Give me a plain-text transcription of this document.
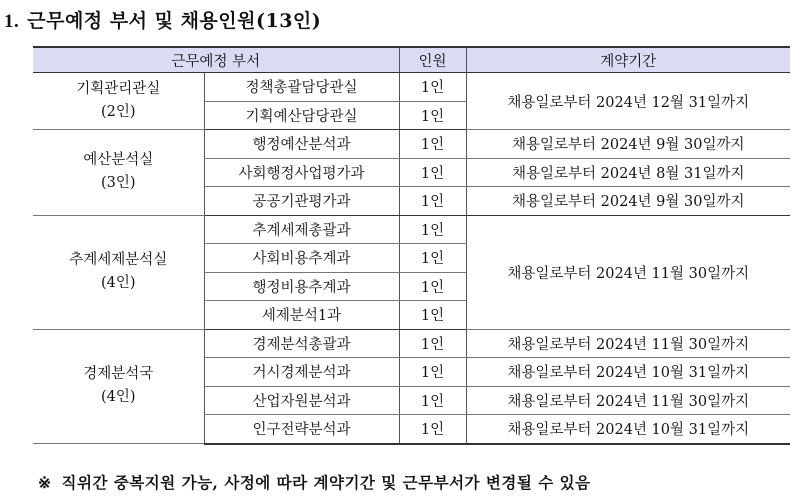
1. 근무예정 부서 및 채용인원(13인)
근무예정 부서		인원	계약기간

기획관리관실
(2인)	정책총괄담당관실	1인	채용일로부터 2024년 12월 31일까지
	기획예산담당관실	1인	

예산분석실
(3인)	행정예산분석과	1인	채용일로부터 2024년 9월 30일까지
	사회행정사업평가과	1인	채용일로부터 2024년 8월 31일까지
	공공기관평가과	1인	채용일로부터 2024년 9월 30일까지

추계세제분석실
(4인)	추계세제총괄과	1인	채용일로부터 2024년 11월 30일까지
	사회비용추계과	1인	
	행정비용추계과	1인	
	세제분석1과	1인	

경제분석국
(4인)	경제분석총괄과	1인	채용일로부터 2024년 11월 30일까지
	거시경제분석과	1인	채용일로부터 2024년 10월 31일까지
	산업자원분석과	1인	채용일로부터 2024년 11월 30일까지
	인구전략분석과	1인	채용일로부터 2024년 10월 31일까지
※ 직위간 중복지원 가능, 사정에 따라 계약기간 및 근무부서가 변경될 수 있음
